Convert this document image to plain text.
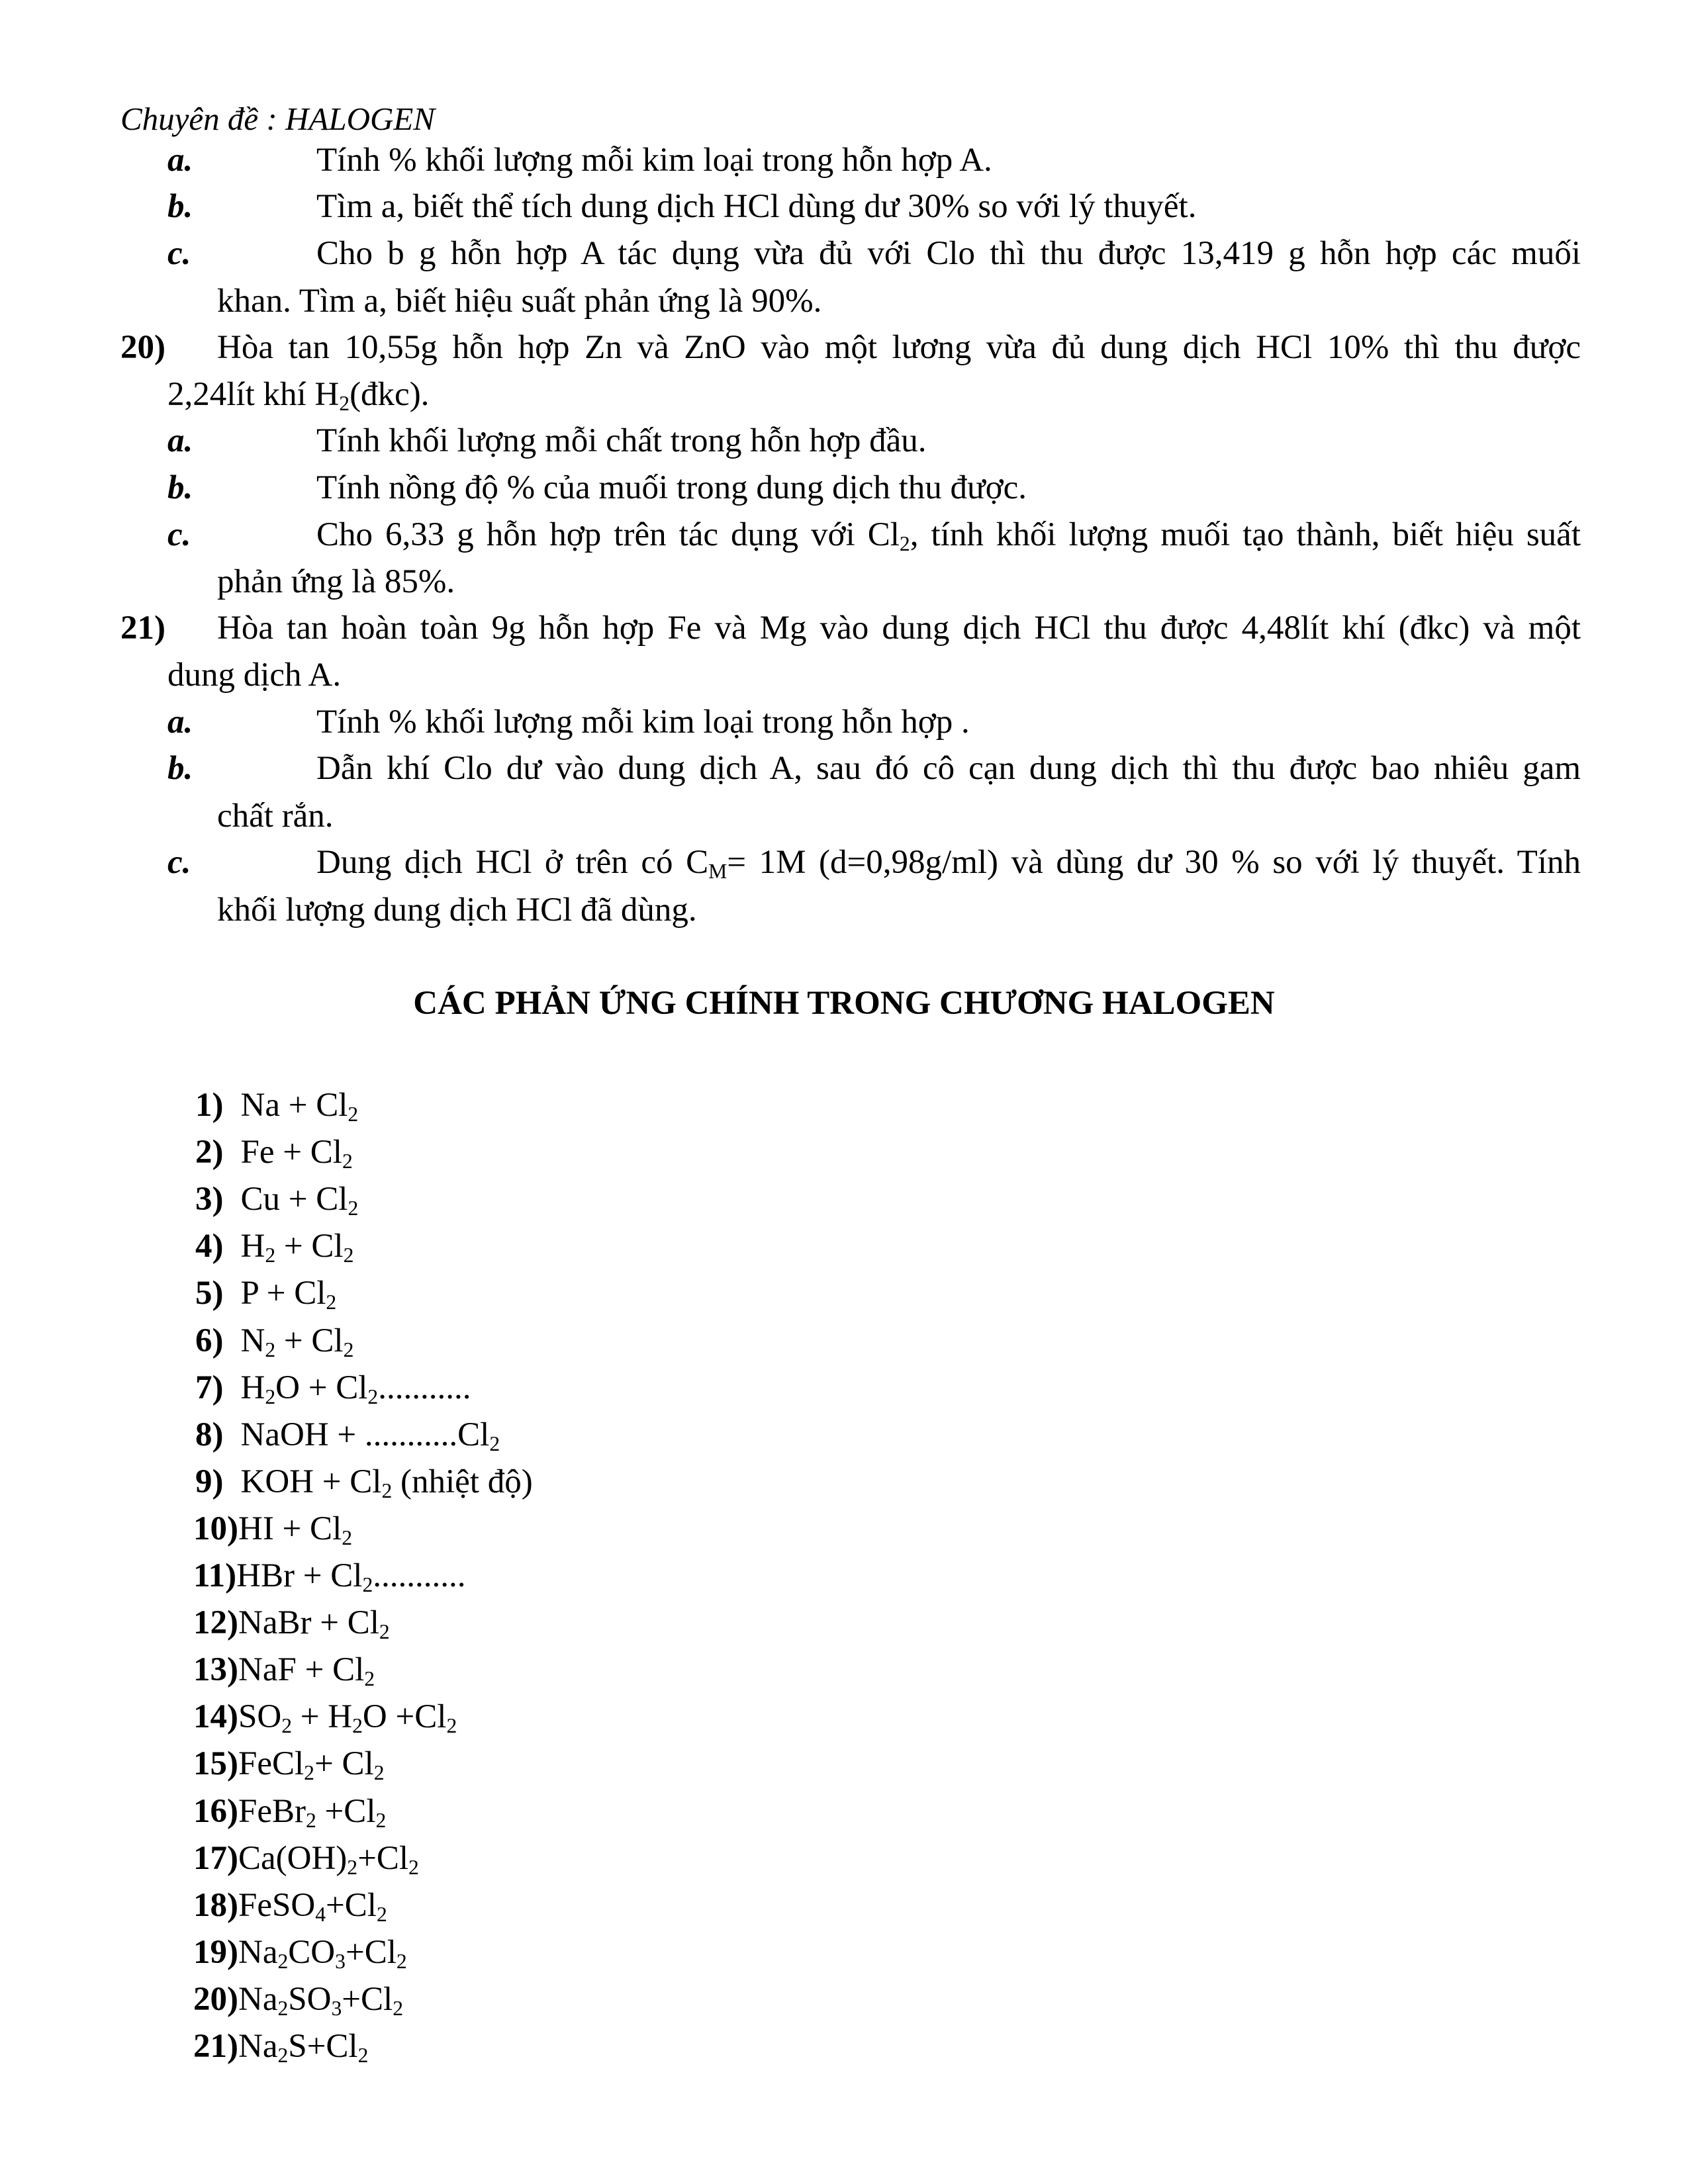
Chuyên đề : HALOGEN
a.	Tính % khối lượng mỗi kim loại trong hỗn hợp A.
b.	Tìm a, biết thể tích dung dịch HCl dùng dư 30% so với lý thuyết.
c.	Cho b g hỗn hợp A tác dụng vừa đủ với Clo thì thu được 13,419 g hỗn hợp các muối
khan. Tìm a, biết hiệu suất phản ứng là 90%.
20) Hòa tan 10,55g hỗn hợp Zn và ZnO vào một lương vừa đủ dung dịch HCl 10% thì thu được
2,24lít khí $H_2(đkc)$.
a.	Tính khối lượng mỗi chất trong hỗn hợp đầu.
b.	Tính nồng độ % của muối trong dung dịch thu được.
c.	Cho 6,33 g hỗn hợp trên tác dụng với $Cl_2$, tính khối lượng muối tạo thành, biết hiệu suất
phản ứng là 85%.
21) Hòa tan hoàn toàn 9g hỗn hợp Fe và Mg vào dung dịch HCl thu được 4,48lít khí (đkc) và một
dung dịch A.
a.	Tính % khối lượng mỗi kim loại trong hỗn hợp .
b.	Dẫn khí Clo dư vào dung dịch A, sau đó cô cạn dung dịch thì thu được bao nhiêu gam
chất rắn.
c.	Dung dịch HCl ở trên có $C_M= 1M$ (d=0,98g/ml) và dùng dư 30 % so với lý thuyết. Tính
khối lượng dung dịch HCl đã dùng.
CÁC PHẢN ỨNG CHÍNH TRONG CHƯƠNG HALOGEN
1) $Na + Cl_2$
2) $Fe + Cl_2$
3) $Cu + Cl_2$
4) $H_2 + Cl_2$
5) $P + Cl_2$
6) $N_2 + Cl_2$
7) $H_2O + Cl_2$...........
8) NaOH + $...........Cl_2$
9) KOH + $Cl_2$ (nhiệt độ)
$10)HI + Cl_2$
$11)HBr + Cl_2$...........
12)NaBr + $Cl_2$
$13)NaF + Cl_2$
$14)SO_2 + H_2O +Cl_2$
15)FeCl$_2$+ $Cl_2$
16)FeBr$_2$ $+Cl_2$
$17)Ca(OH)_2+Cl_2$
$18)FeSO_4+Cl_2$
$19)Na_2CO_3+Cl_2$
$20)Na_2SO_3+Cl_2$
$21)Na_2S+Cl_2$
